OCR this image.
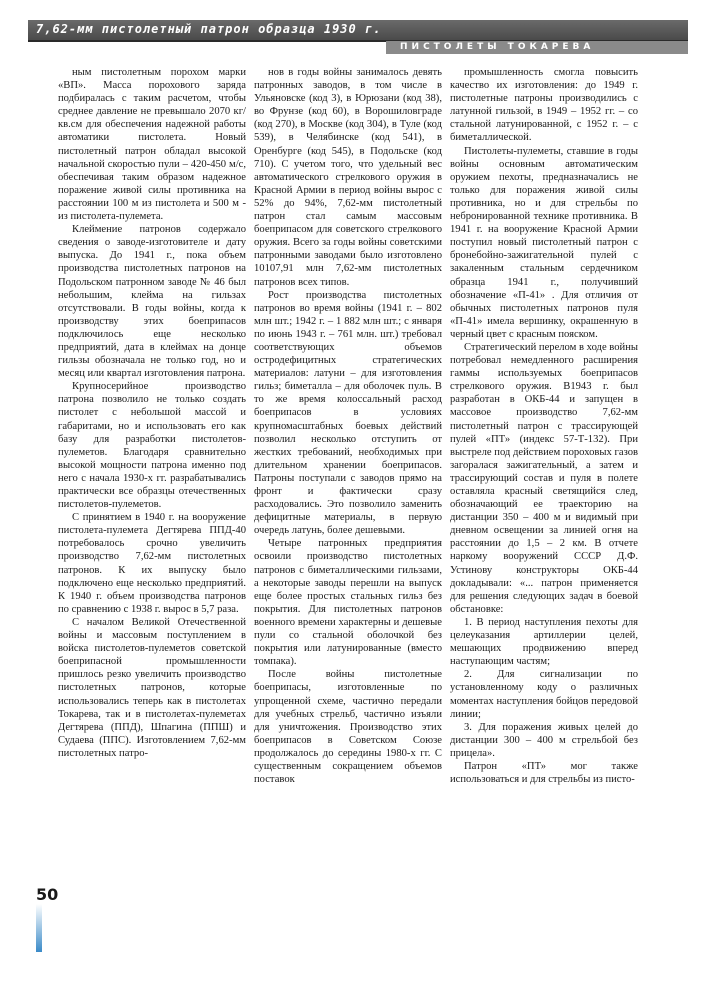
7,62-мм пистолетный патрон образца 1930 г.
ПИСТОЛЕТЫ ТОКАРЕВА

ным пистолетным порохом марки «ВП». Масса порохового заряда подбиралась с таким расчетом, чтобы среднее давление не превышало 2070 кг/кв.см для обеспечения надежной работы автоматики пистолета. Новый пистолетный патрон обладал высокой начальной скоростью пули – 420-450 м/с, обеспечивая таким образом надежное поражение живой силы противника на расстоянии 100 м из пистолета и 500 м - из пистолета-пулемета.

Клеймение патронов содержало сведения о заводе-изготовителе и дату выпуска. До 1941 г., пока объем производства пистолетных патронов на Подольском патронном заводе № 46 был небольшим, клейма на гильзах отсутствовали. В годы войны, когда к производству этих боеприпасов подключилось еще несколько предприятий, дата в клеймах на донце гильзы обозначала не только год, но и месяц или квартал изготовления патрона.

Крупносерийное производство патрона позволило не только создать пистолет с небольшой массой и габаритами, но и использовать его как базу для разработки пистолетов-пулеметов. Благодаря сравнительно высокой мощности патрона именно под него с начала 1930-х гг. разрабатывались практически все образцы отечественных пистолетов-пулеметов.

С принятием в 1940 г. на вооружение пистолета-пулемета Дегтярева ППД-40 потребовалось срочно увеличить производство 7,62-мм пистолетных патронов. К их выпуску было подключено еще несколько предприятий. К 1940 г. объем производства патронов по сравнению с 1938 г. вырос в 5,7 раза.

С началом Великой Отечественной войны и массовым поступлением в войска пистолетов-пулеметов советской боеприпасной промышленности пришлось резко увеличить производство пистолетных патронов, которые использовались теперь как в пистолетах Токарева, так и в пистолетах-пулеметах Дегтярева (ППД), Шпагина (ППШ) и Судаева (ППС). Изготовлением 7,62-мм пистолетных патро-

нов в годы войны занималось девять патронных заводов, в том числе в Ульяновске (код 3), в Юрюзани (код 38), во Фрунзе (код 60), в Ворошиловграде (код 270), в Москве (код 304), в Туле (код 539), в Челябинске (код 541), в Оренбурге (код 545), в Подольске (код 710). С учетом того, что удельный вес автоматического стрелкового оружия в Красной Армии в период войны вырос с 52% до 94%, 7,62-мм пистолетный патрон стал самым массовым боеприпасом для советского стрелкового оружия. Всего за годы войны советскими патронными заводами было изготовлено 10107,91 млн 7,62-мм пистолетных патронов всех типов.

Рост производства пистолетных патронов во время войны (1941 г. – 802 млн шт.; 1942 г. – 1 882 млн шт.; с января по июнь 1943 г. – 761 млн. шт.) требовал соответствующих объемов остродефицитных стратегических материалов: латуни – для изготовления гильз; биметалла – для оболочек пуль. В то же время колоссальный расход боеприпасов в условиях крупномасштабных боевых действий позволил несколько отступить от жестких требований, необходимых при длительном хранении боеприпасов. Патроны поступали с заводов прямо на фронт и фактически сразу расходовались. Это позволило заменить дефицитные материалы, в первую очередь латунь, более дешевыми.

Четыре патронных предприятия освоили производство пистолетных патронов с биметаллическими гильзами, а некоторые заводы перешли на выпуск еще более простых стальных гильз без покрытия. Для пистолетных патронов военного времени характерны и дешевые пули со стальной оболочкой без покрытия или латунированные (вместо томпака).

После войны пистолетные боеприпасы, изготовленные по упрощенной схеме, частично передали для учебных стрельб, частично изъяли для уничтожения. Производство этих боеприпасов в Советском Союзе продолжалось до середины 1980-х гг. С существенным сокращением объемов поставок

промышленность смогла повысить качество их изготовления: до 1949 г. пистолетные патроны производились с латунной гильзой, в 1949 – 1952 гг. – со стальной латунированной, с 1952 г. – с биметаллической.

Пистолеты-пулеметы, ставшие в годы войны основным автоматическим оружием пехоты, предназначались не только для поражения живой силы противника, но и для стрельбы по небронированной технике противника. В 1941 г. на вооружение Красной Армии поступил новый пистолетный патрон с бронебойно-зажигательной пулей с закаленным стальным сердечником образца 1941 г., получивший обозначение «П-41» . Для отличия от обычных пистолетных патронов пуля «П-41» имела вершинку, окрашенную в черный цвет с красным пояском.

Стратегический перелом в ходе войны потребовал немедленного расширения гаммы используемых боеприпасов стрелкового оружия. В1943 г. был разработан в ОКБ-44 и запущен в массовое производство 7,62-мм пистолетный патрон с трассирующей пулей «ПТ» (индекс 57-Т-132). При выстреле под действием пороховых газов загоралася зажигательный, а затем и трассирующий состав и пуля в полете оставляла красный светящийся след, обозначающий ее траекторию на дистанции 350 – 400 м и видимый при дневном освещении за линией огня на расстоянии до 1,5 – 2 км. В отчете наркому вооружений СССР Д.Ф. Устинову конструкторы ОКБ-44 докладывали: «... патрон применяется для решения следующих задач в боевой обстановке:

1. В период наступления пехоты для целеуказания артиллерии целей, мешающих продвижению вперед наступающим частям;

2. Для сигнализации по установленному коду о различных моментах наступления бойцов передовой линии;

3. Для поражения живых целей до дистанции 300 – 400 м стрельбой без прицела».

Патрон «ПТ» мог также использоваться и для стрельбы из писто-

50
